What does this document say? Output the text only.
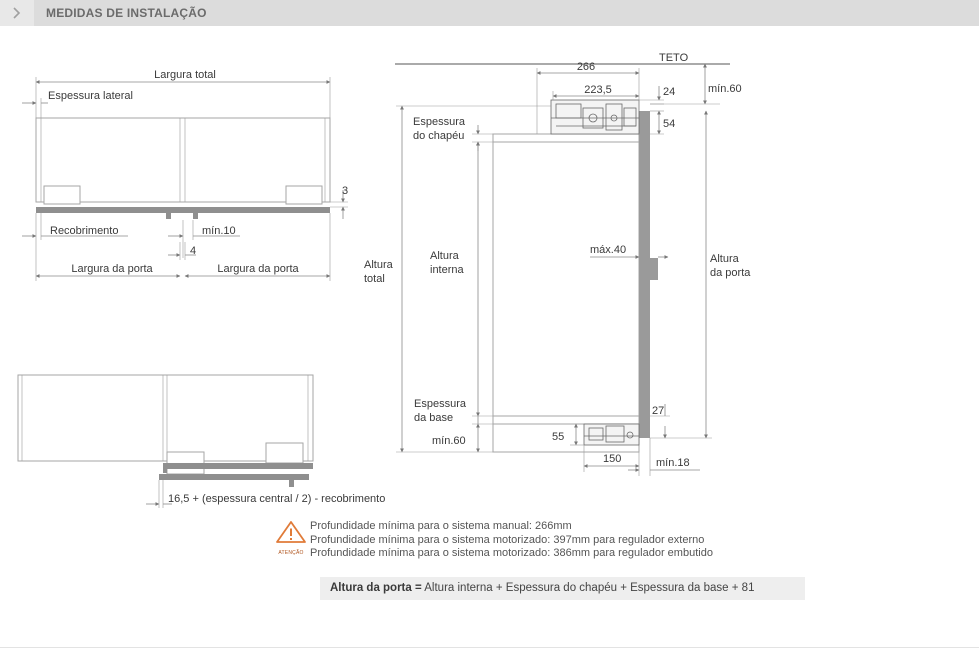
MEDIDAS DE INSTALAÇÃO
Largura total
Espessura lateral
3
Recobrimento	mín.10
4
Largura da porta	Largura da porta
16,5 + (espessura central / 2) - recobrimento
TETO
266
223,5	24	mín.60
54
Espessura
do chapéu
Altura
total
Altura
interna
máx.40
Altura
da porta
Espessura
da base
mín.60
27
55
150	mín.18
ATENÇÃO
Profundidade mínima para o sistema manual: 266mm
Profundidade mínima para o sistema motorizado: 397mm para regulador externo
Profundidade mínima para o sistema motorizado: 386mm para regulador embutido
Altura da porta = Altura interna + Espessura do chapéu + Espessura da base + 81
